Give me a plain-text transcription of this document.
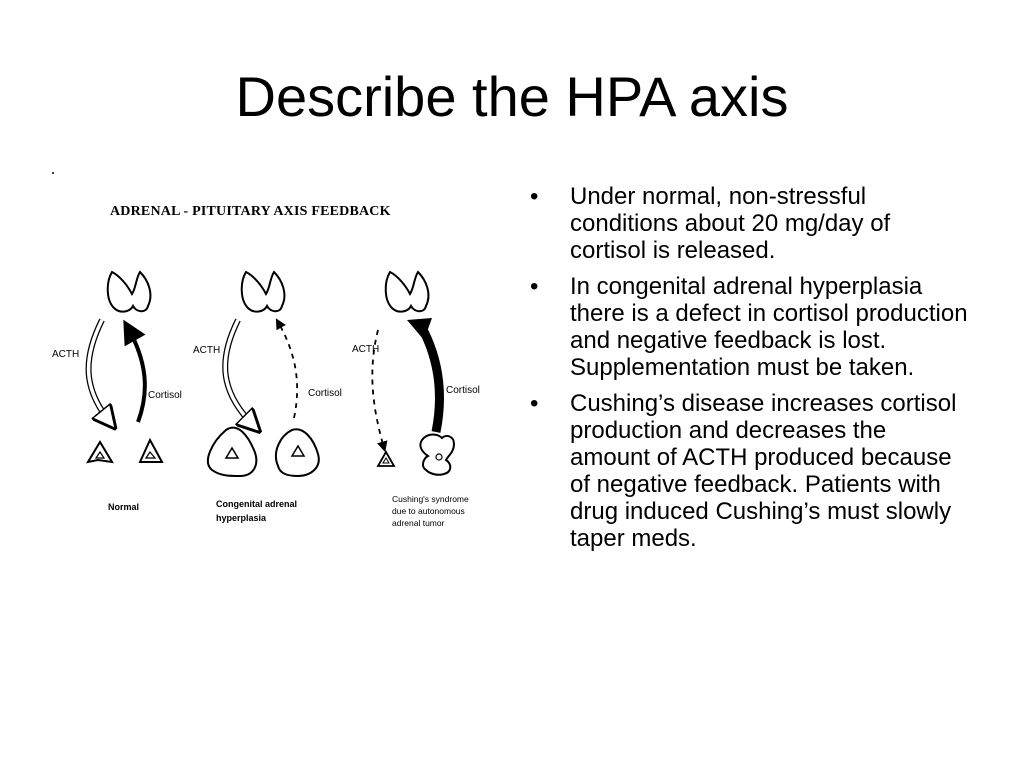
Describe the HPA axis
ADRENAL - PITUITARY AXIS FEEDBACK
ACTH
Cortisol
Normal
ACTH
Cortisol
Congenital adrenal
hyperplasia
ACTH
Cortisol
Cushing's syndrome
due to autonomous
adrenal tumor
•	Under normal, non-stressful conditions about 20 mg/day of cortisol is released.
•	In congenital adrenal hyperplasia there is a defect in cortisol production and negative feedback is lost. Supplementation must be taken.
•	Cushing’s disease increases cortisol production and decreases the amount of ACTH produced because of negative feedback. Patients with drug induced Cushing’s must slowly taper meds.
